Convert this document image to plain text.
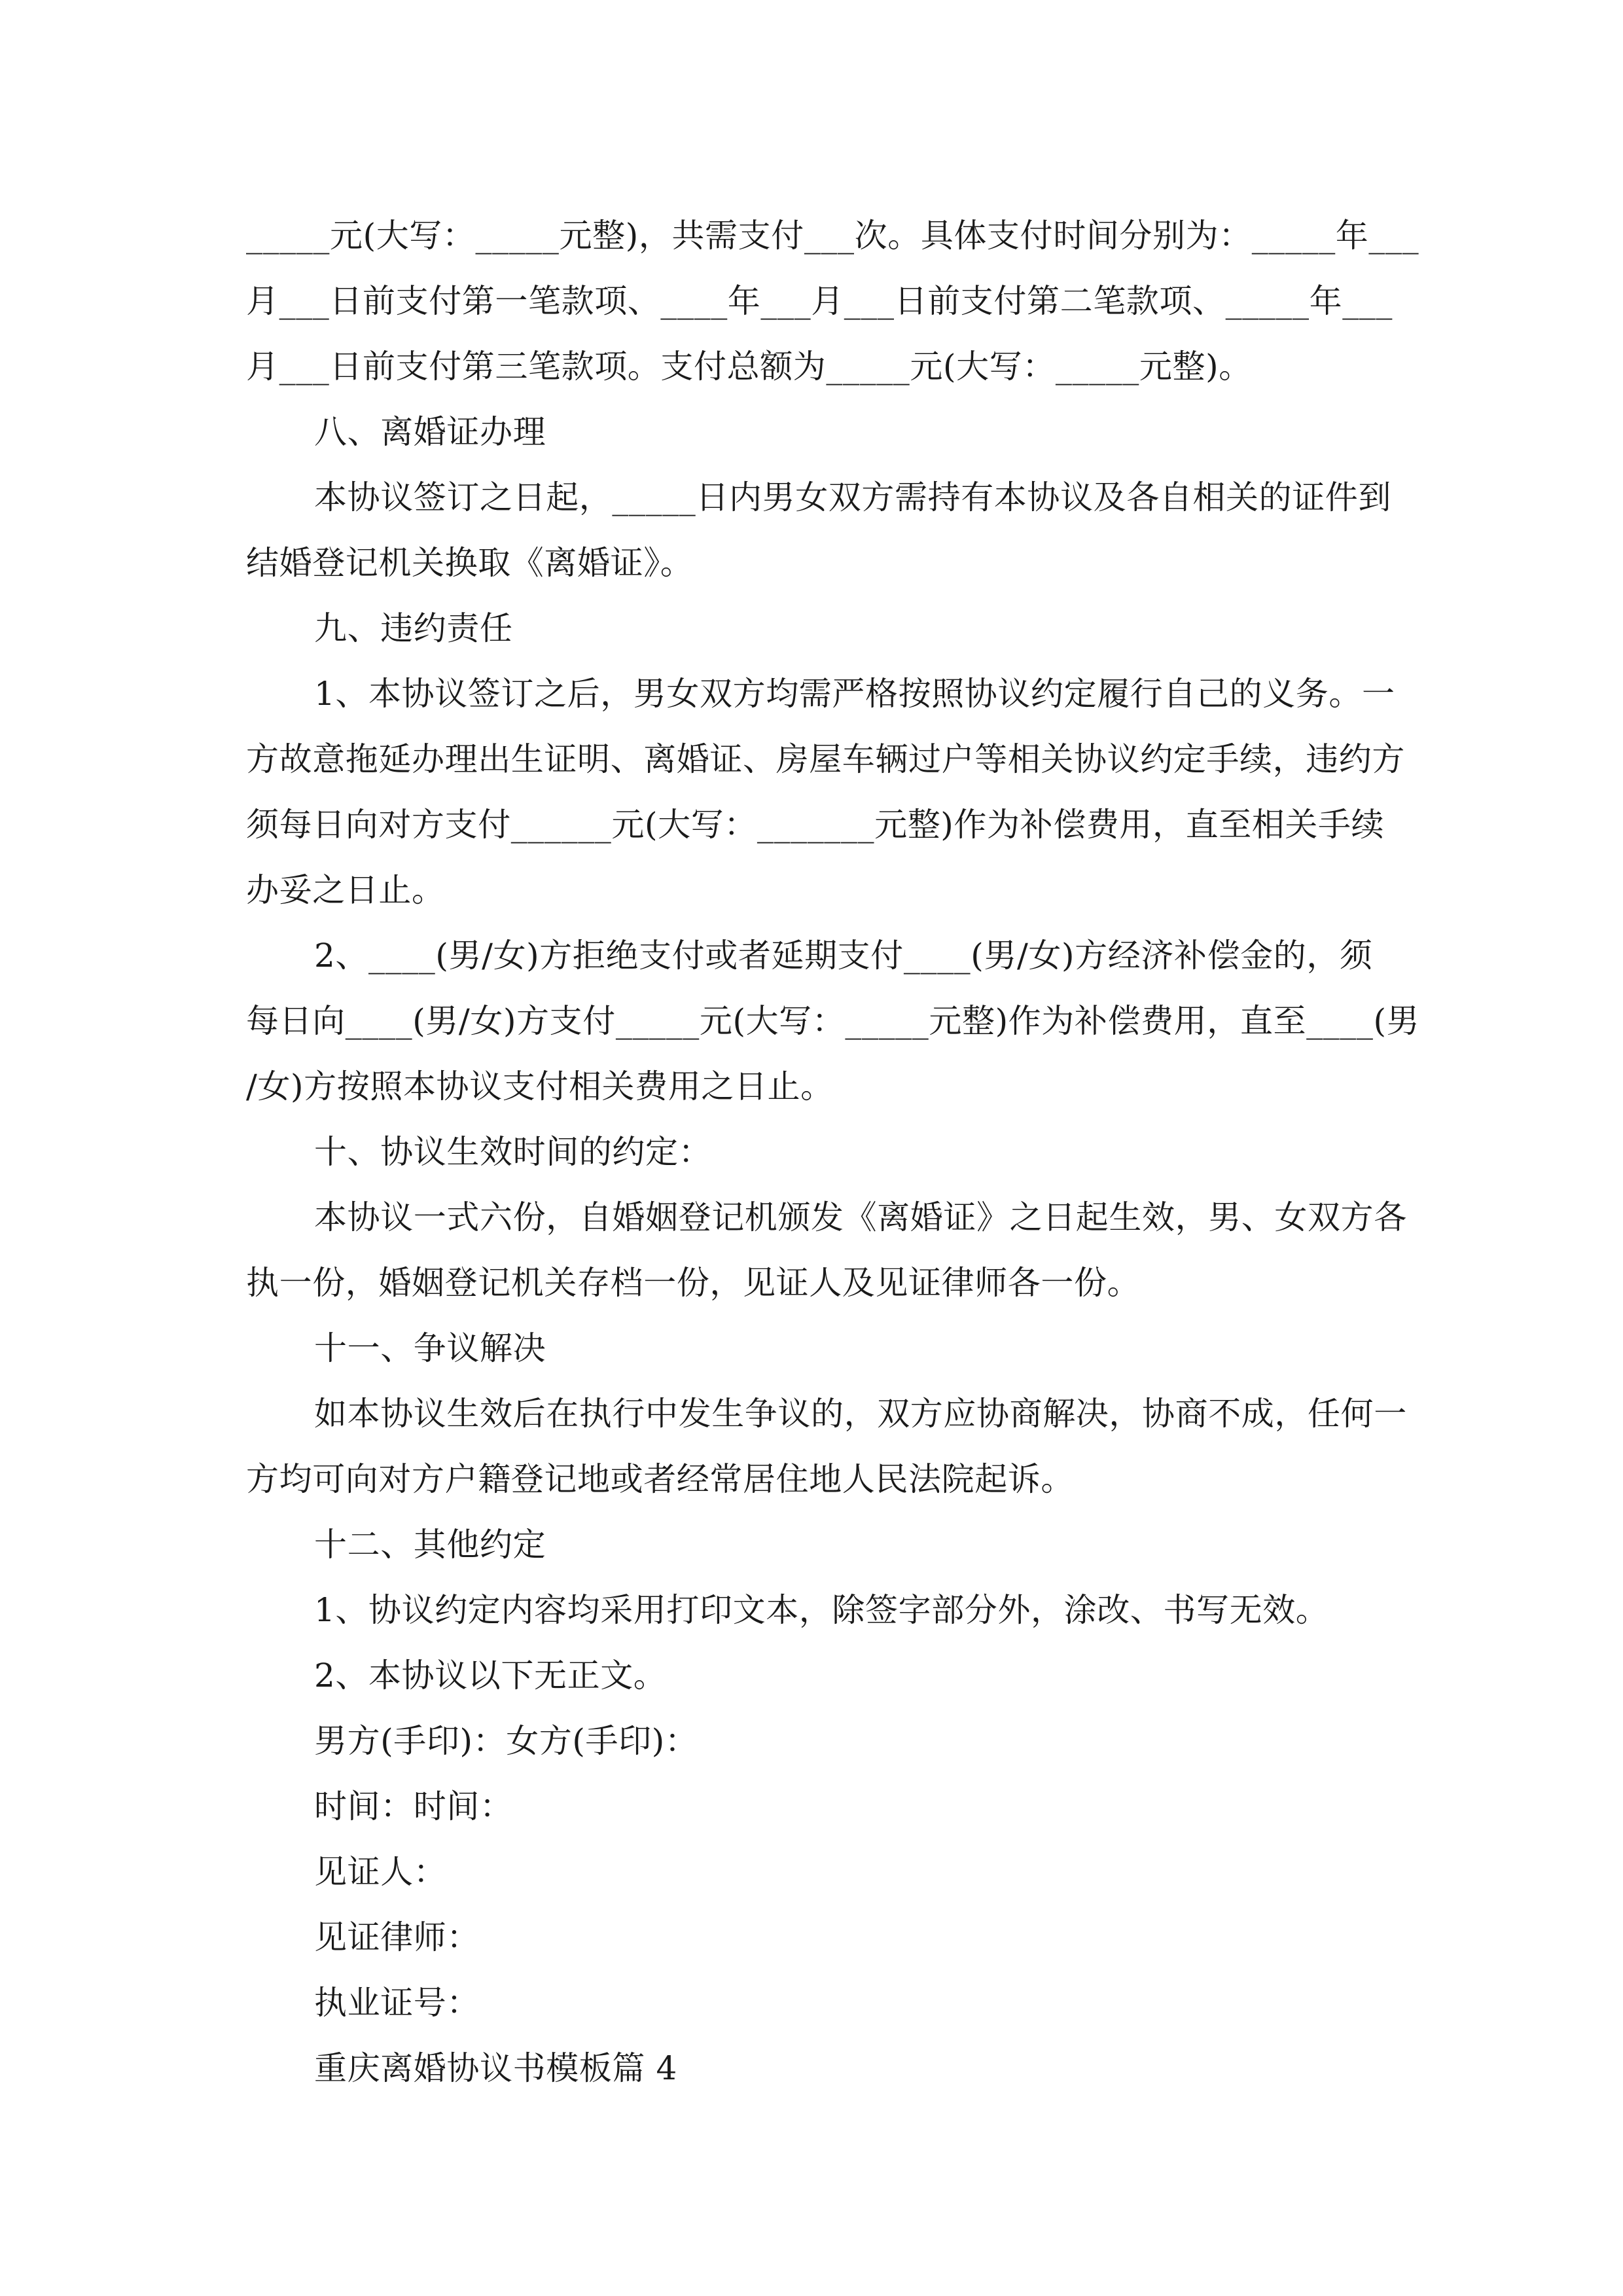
_____元(大写：_____元整)，共需支付___次。具体支付时间分别为：_____年___
月___日前支付第一笔款项、____年___月___日前支付第二笔款项、_____年___
月___日前支付第三笔款项。支付总额为_____元(大写：_____元整)。
八、离婚证办理
本协议签订之日起，_____日内男女双方需持有本协议及各自相关的证件到
结婚登记机关换取《离婚证》。
九、违约责任
1、本协议签订之后，男女双方均需严格按照协议约定履行自己的义务。一
方故意拖延办理出生证明、离婚证、房屋车辆过户等相关协议约定手续，违约方
须每日向对方支付______元(大写：_______元整)作为补偿费用，直至相关手续
办妥之日止。
2、____(男/女)方拒绝支付或者延期支付____(男/女)方经济补偿金的，须
每日向____(男/女)方支付_____元(大写：_____元整)作为补偿费用，直至____(男
/女)方按照本协议支付相关费用之日止。
十、协议生效时间的约定：
本协议一式六份，自婚姻登记机颁发《离婚证》之日起生效，男、女双方各
执一份，婚姻登记机关存档一份，见证人及见证律师各一份。
十一、争议解决
如本协议生效后在执行中发生争议的，双方应协商解决，协商不成，任何一
方均可向对方户籍登记地或者经常居住地人民法院起诉。
十二、其他约定
1、协议约定内容均采用打印文本，除签字部分外，涂改、书写无效。
2、本协议以下无正文。
男方(手印)：女方(手印)：
时间：时间：
见证人：
见证律师：
执业证号：
重庆离婚协议书模板篇 4
